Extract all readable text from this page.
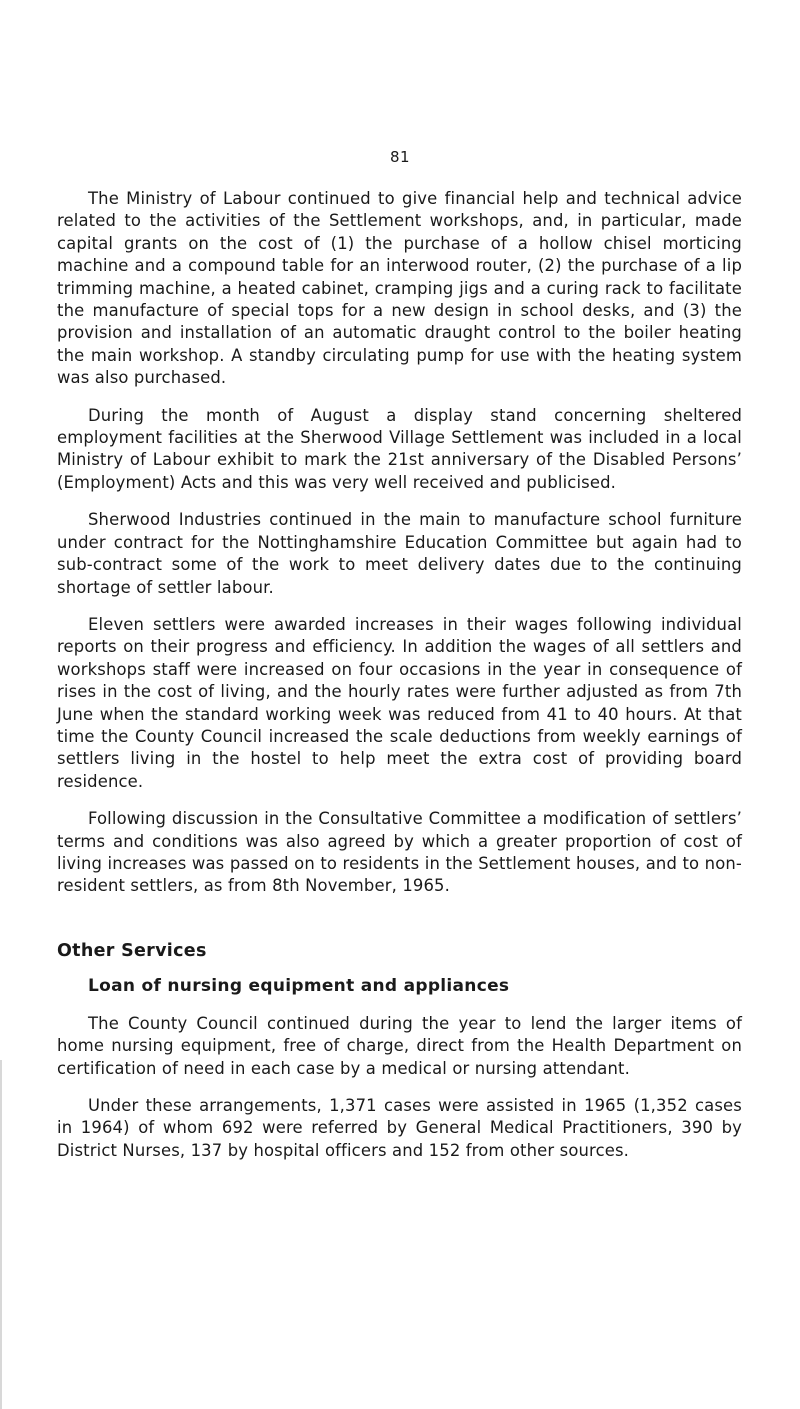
81

The Ministry of Labour continued to give financial help and technical advice related to the activities of the Settlement workshops, and, in particular, made capital grants on the cost of (1) the purchase of a hollow chisel morticing machine and a compound table for an interwood router, (2) the purchase of a lip trimming machine, a heated cabinet, cramping jigs and a curing rack to facilitate the manufacture of special tops for a new design in school desks, and (3) the provision and installation of an automatic draught control to the boiler heating the main workshop. A standby circulating pump for use with the heating system was also purchased.

During the month of August a display stand concerning sheltered employment facilities at the Sherwood Village Settlement was included in a local Ministry of Labour exhibit to mark the 21st anniversary of the Disabled Persons’ (Employment) Acts and this was very well received and publicised.

Sherwood Industries continued in the main to manufacture school furniture under contract for the Nottinghamshire Education Committee but again had to sub-contract some of the work to meet delivery dates due to the continuing shortage of settler labour.

Eleven settlers were awarded increases in their wages following individual reports on their progress and efficiency. In addition the wages of all settlers and workshops staff were increased on four occasions in the year in consequence of rises in the cost of living, and the hourly rates were further adjusted as from 7th June when the standard working week was reduced from 41 to 40 hours. At that time the County Council increased the scale deductions from weekly earnings of settlers living in the hostel to help meet the extra cost of providing board residence.

Following discussion in the Consultative Committee a modification of settlers’ terms and conditions was also agreed by which a greater proportion of cost of living increases was passed on to residents in the Settlement houses, and to non-resident settlers, as from 8th November, 1965.

Other Services
Loan of nursing equipment and appliances

The County Council continued during the year to lend the larger items of home nursing equipment, free of charge, direct from the Health Department on certification of need in each case by a medical or nursing attendant.

Under these arrangements, 1,371 cases were assisted in 1965 (1,352 cases in 1964) of whom 692 were referred by General Medical Practitioners, 390 by District Nurses, 137 by hospital officers and 152 from other sources.
